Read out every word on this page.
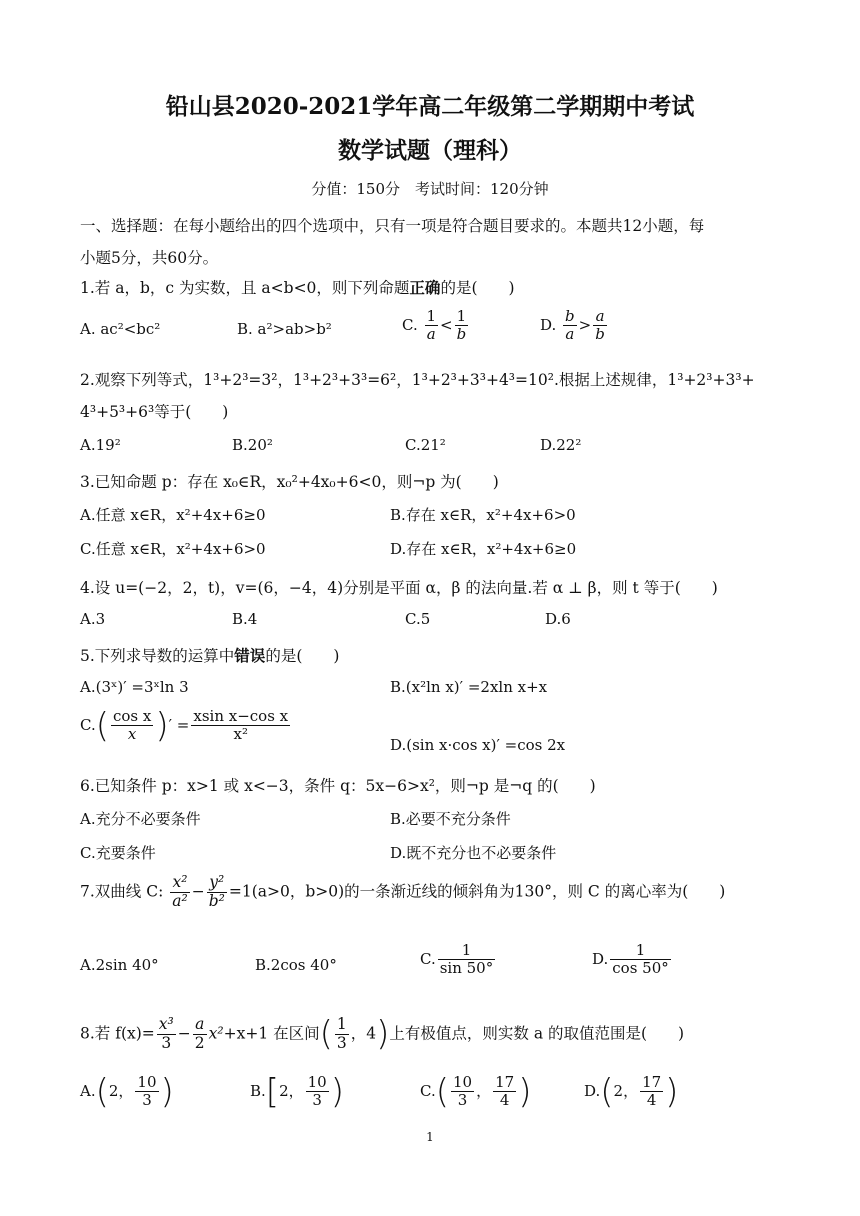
铅山县2020-2021学年高二年级第二学期期中考试
数学试题（理科）
分值：150分　考试时间：120分钟
一、选择题：在每小题给出的四个选项中，只有一项是符合题目要求的。本题共12小题，每
小题5分，共60分。
1.若 a，b，c 为实数，且 a<b<0，则下列命题正确的是(　　)
A. ac²<bc²	B. a²>ab>b²	C. $\frac{1}{a} < \frac{1}{b}$	D. $\frac{b}{a} > \frac{a}{b}$
2.观察下列等式，1³+2³=3²，1³+2³+3³=6²，1³+2³+3³+4³=10².根据上述规律，1³+2³+3³+
4³+5³+6³等于(　　)
A.19²	B.20²	C.21²	D.22²
3.已知命题 p：存在 x₀∈R，x₀²+4x₀+6<0，则¬p 为(　　)
A.任意 x∈R，x²+4x+6≥0	B.存在 x∈R，x²+4x+6>0
C.任意 x∈R，x²+4x+6>0	D.存在 x∈R，x²+4x+6≥0
4.设 u=(−2，2，t)，v=(6，−4，4)分别是平面 α，β 的法向量.若 α ⊥ β，则 t 等于(　　)
A.3	B.4	C.5	D.6
5.下列求导数的运算中错误的是(　　)
A.(3ˣ)′ =3ˣln 3	B.(x²ln x)′ =2xln x+x
$C.( \frac{\text{cos x}}{x}$ )′ = $\frac{\text{xsin x−cos x}}{\text{x²}}$
D.(sin x·cos x)′ =cos 2x
6.已知条件 p：x>1 或 x<−3，条件 q：5x−6>x²，则¬p 是¬q 的(　　)
A.充分不必要条件	B.必要不充分条件
C.充要条件	D.既不充分也不必要条件
7.双曲线 C: $\frac{\text{x²}}{\text{a²}} - \frac{\text{y²}}{\text{b²}} =1(a>0$，b>0)的一条渐近线的倾斜角为130°，则 C 的离心率为(　　)
A.2sin 40°	B.2cos 40°	C. $\frac{1}{\sin 50^\circ}$	D. $\frac{1}{\cos 50^\circ}$
8.若 $f(x)= \frac{\text{x³}}{3} - \frac{a}{2} x^2+x+1$ 在区间( $\frac{1}{3}$ ，4)上有极值点，则实数 a 的取值范围是(　　)
A.(2， $\frac{10}{3}$ )	B.[2， $\frac{10}{3}$ )	$C.( \frac{10}{3}$ ， $\frac{17}{4}$ )	D.(2， $\frac{17}{4}$ )
1
